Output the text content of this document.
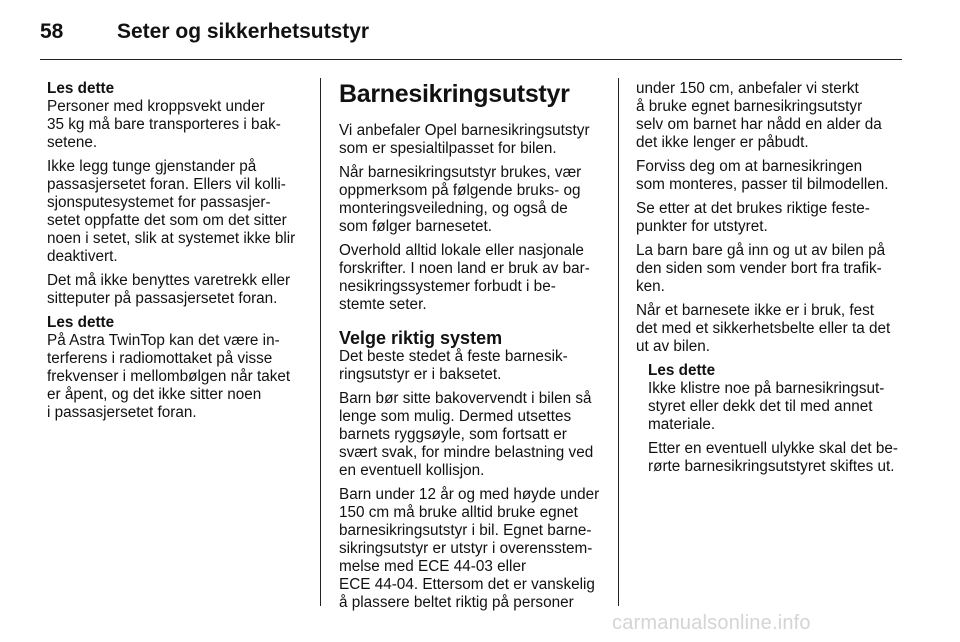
58	Seter og sikkerhetsutstyr
Les dette

Personer med kroppsvekt under
35 kg må bare transporteres i bak-
setene.

Ikke legg tunge gjenstander på
passasjersetet foran. Ellers vil kolli-
sjonsputesystemet for passasjer-
setet oppfatte det som om det sitter
noen i setet, slik at systemet ikke blir
deaktivert.

Det må ikke benyttes varetrekk eller
sitteputer på passasjersetet foran.

Les dette

På Astra TwinTop kan det være in-
terferens i radiomottaket på visse
frekvenser i mellombølgen når taket
er åpent, og det ikke sitter noen
i passasjersetet foran.

Barnesikringsutstyr

Vi anbefaler Opel barnesikringsutstyr
som er spesialtilpasset for bilen.

Når barnesikringsutstyr brukes, vær
oppmerksom på følgende bruks- og
monteringsveiledning, og også de
som følger barnesetet.

Overhold alltid lokale eller nasjonale
forskrifter. I noen land er bruk av bar-
nesikringssystemer forbudt i be-
stemte seter.

Velge riktig system

Det beste stedet å feste barnesik-
ringsutstyr er i baksetet.

Barn bør sitte bakovervendt i bilen så
lenge som mulig. Dermed utsettes
barnets ryggsøyle, som fortsatt er
svært svak, for mindre belastning ved
en eventuell kollisjon.

Barn under 12 år og med høyde under
150 cm må bruke alltid bruke egnet
barnesikringsutstyr i bil. Egnet barne-
sikringsutstyr er utstyr i overensstem-
melse med ECE 44-03 eller
ECE 44-04. Ettersom det er vanskelig
å plassere beltet riktig på personer

under 150 cm, anbefaler vi sterkt
å bruke egnet barnesikringsutstyr
selv om barnet har nådd en alder da
det ikke lenger er påbudt.

Forviss deg om at barnesikringen
som monteres, passer til bilmodellen.

Se etter at det brukes riktige feste-
punkter for utstyret.

La barn bare gå inn og ut av bilen på
den siden som vender bort fra trafik-
ken.

Når et barnesete ikke er i bruk, fest
det med et sikkerhetsbelte eller ta det
ut av bilen.

Les dette

Ikke klistre noe på barnesikringsut-
styret eller dekk det til med annet
materiale.

Etter en eventuell ulykke skal det be-
rørte barnesikringsutstyret skiftes ut.

carmanualsonline.info
